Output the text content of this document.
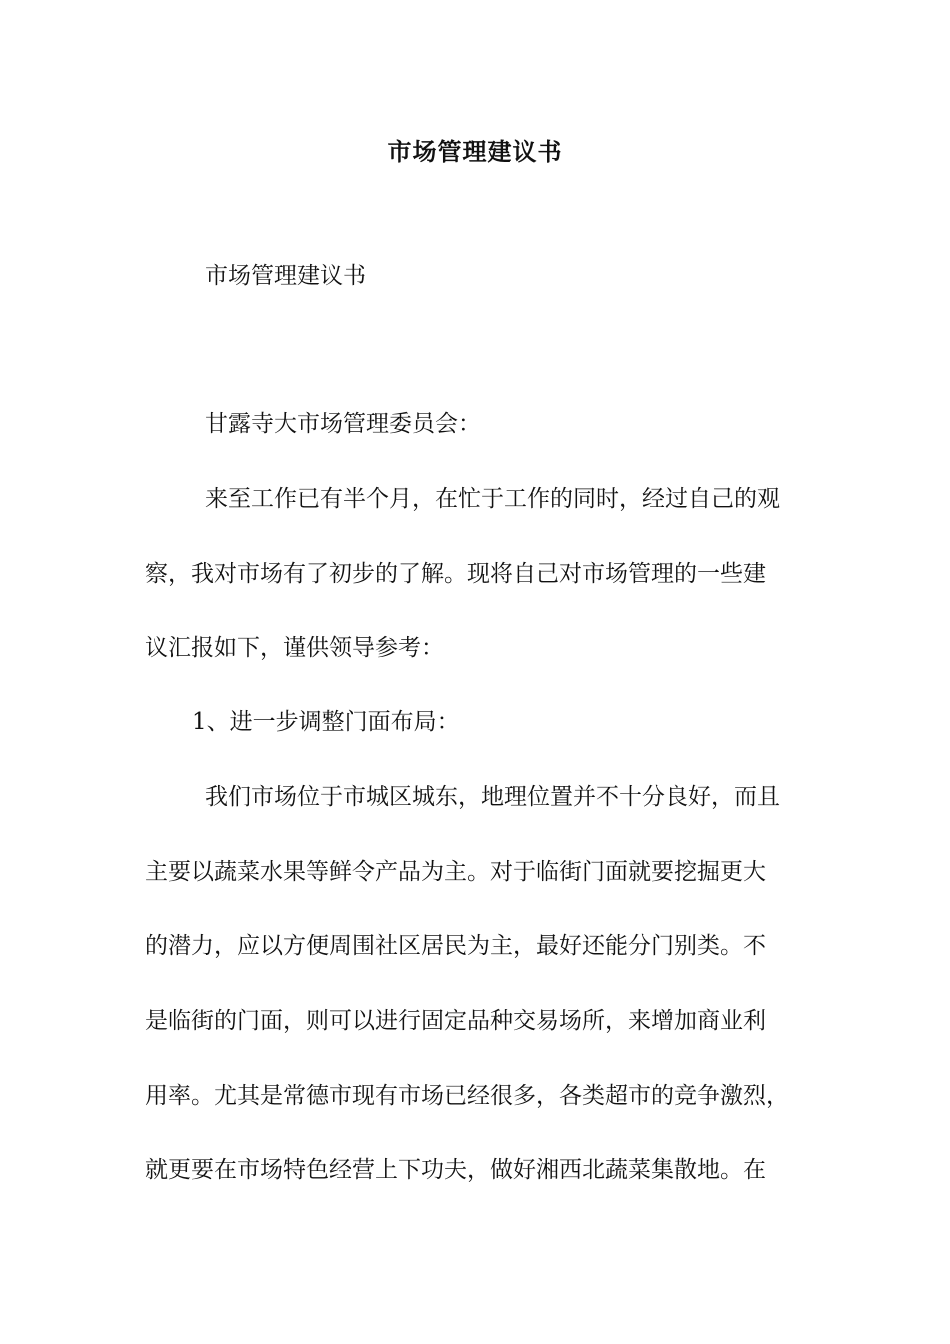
市场管理建议书
市场管理建议书
甘露寺大市场管理委员会：
来至工作已有半个月，在忙于工作的同时，经过自己的观
察，我对市场有了初步的了解。现将自己对市场管理的一些建
议汇报如下，谨供领导参考：
1、进一步调整门面布局：
我们市场位于市城区城东，地理位置并不十分良好，而且
主要以蔬菜水果等鲜令产品为主。对于临街门面就要挖掘更大
的潜力，应以方便周围社区居民为主，最好还能分门别类。不
是临街的门面，则可以进行固定品种交易场所，来增加商业利
用率。尤其是常德市现有市场已经很多，各类超市的竞争激烈，
就更要在市场特色经营上下功夫，做好湘西北蔬菜集散地。在
